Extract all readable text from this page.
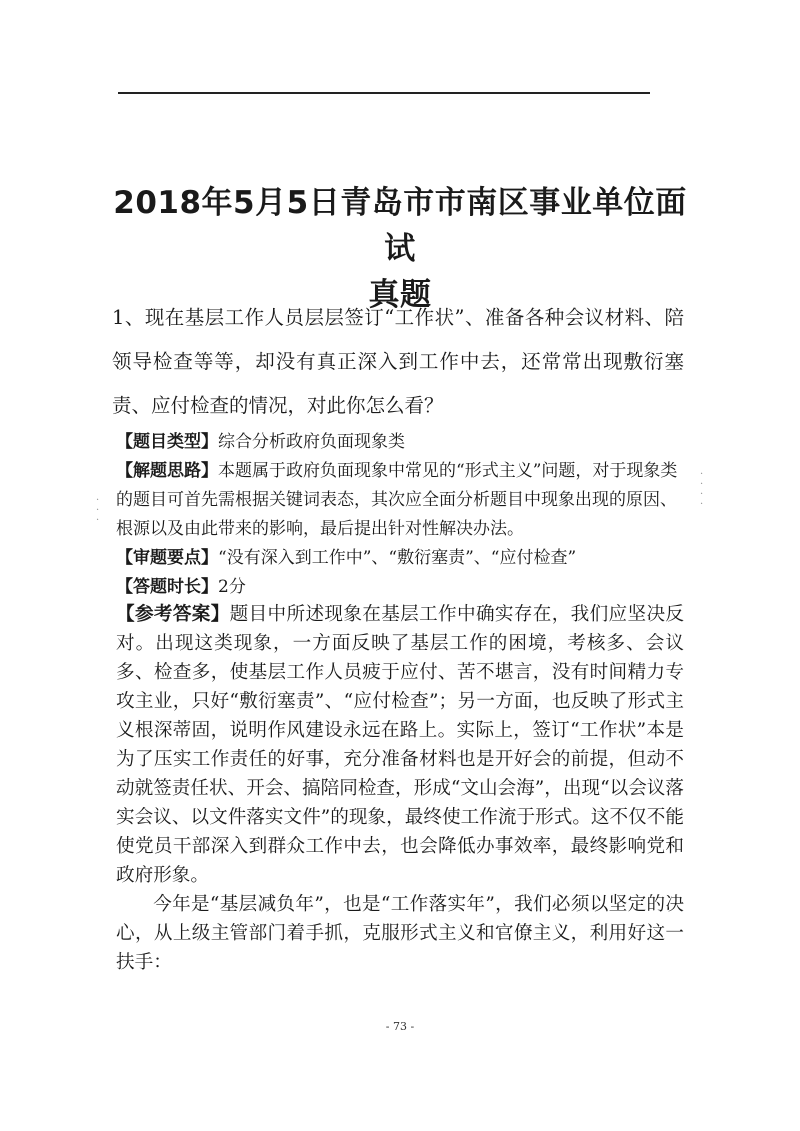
2018年5月5日青岛市市南区事业单位面试
真题
1、现在基层工作人员层层签订“工作状”、准备各种会议材料、陪领导检查等等，却没有真正深入到工作中去，还常常出现敷衍塞责、应付检查的情况，对此你怎么看？

【题目类型】综合分析政府负面现象类

【解题思路】本题属于政府负面现象中常见的“形式主义”问题，对于现象类的题目可首先需根据关键词表态，其次应全面分析题目中现象出现的原因、根源以及由此带来的影响，最后提出针对性解决办法。

【审题要点】“没有深入到工作中”、“敷衍塞责”、“应付检查”

【答题时长】2分

【参考答案】题目中所述现象在基层工作中确实存在，我们应坚决反对。出现这类现象，一方面反映了基层工作的困境，考核多、会议多、检查多，使基层工作人员疲于应付、苦不堪言，没有时间精力专攻主业，只好“敷衍塞责”、“应付检查”；另一方面，也反映了形式主义根深蒂固，说明作风建设永远在路上。实际上，签订“工作状”本是为了压实工作责任的好事，充分准备材料也是开好会的前提，但动不动就签责任状、开会、搞陪同检查，形成“文山会海”，出现“以会议落实会议、以文件落实文件”的现象，最终使工作流于形式。这不仅不能使党员干部深入到群众工作中去，也会降低办事效率，最终影响党和政府形象。

今年是“基层减负年”，也是“工作落实年”，我们必须以坚定的决心，从上级主管部门着手抓，克服形式主义和官僚主义，利用好这一扶手：

·
·
·
·
·
·
·
- 73 -
